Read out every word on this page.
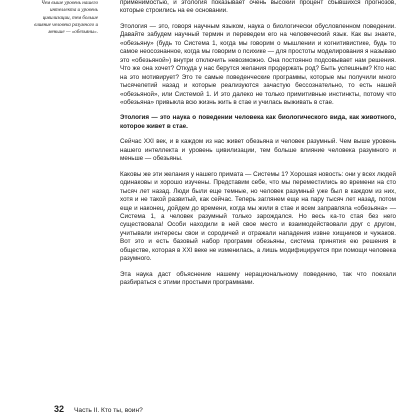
Чем выше уровень нашего интеллекта и уровень цивилизации, тем больше влияние человека разумного и меньше — «обезьяны».

применимостью, и этология показывает очень высокий процент сбывшихся прогнозов, которые строились на ее основании.

Этология — это, говоря научным языком, наука о биологически обусловленном поведении. Давайте забудем научный термин и переведем его на человеческий язык. Как вы знаете, «обезьяну» (будь то Система 1, когда мы говорим о мышлении и когнитивистике, будь то самое неосознанное, когда мы говорим о психике — для простоты моделирования я называю это «обезьяной») внутри отключить невозможно. Она постоянно подсовывает нам решения. Что же она хочет? Откуда у нас берутся желания продержать род? Быть успешным? Кто нас на это мотивирует? Это те самые поведенческие программы, которые мы получили много тысячелетий назад и которые реализуются зачастую бессознательно, то есть нашей «обезьяной», или Системой 1. И это далеко не только примитивные инстинкты, потому что «обезьяна» привыкла всю жизнь жить в стае и училась выживать в стае.

Этология — это наука о поведении человека как биологического вида, как животного, которое живет в стае.

Сейчас XXI век, и в каждом из нас живет обезьяна и человек разумный. Чем выше уровень нашего интеллекта и уровень цивилизации, тем больше влияние человека разумного и меньше — обезьяны.

Каковы же эти желания у нашего примата — Системы 1? Хорошая новость: они у всех людей одинаковы и хорошо изучены. Представим себе, что мы переместились во времени на сто тысяч лет назад. Люди были еще темные, но человек разумный уже был в каждом из них, хотя и не такой развитый, как сейчас. Теперь заглянем еще на пару тысяч лет назад, потом еще и наконец, дойдем до времени, когда мы жили в стае и всем заправляла «обезьяна» — Система 1, а человек разумный только зарождался. Но весь ка-то стая без него существовала! Особи находили в ней свое место и взаимодействовали друг с другом, учитывали интересы свои и сородичей и отражали нападения извне хищников и чужаков. Вот это и есть базовый набор программ обезьяны, система принятия ею решения в обществе, которая в XXI веке не изменилась, а лишь модифицируется при помощи человека разумного.

Эта наука даст объяснение нашему нерациональному поведению, так что поехали разбираться с этими простыми программами.

32 Часть II. Кто ты, воин?
